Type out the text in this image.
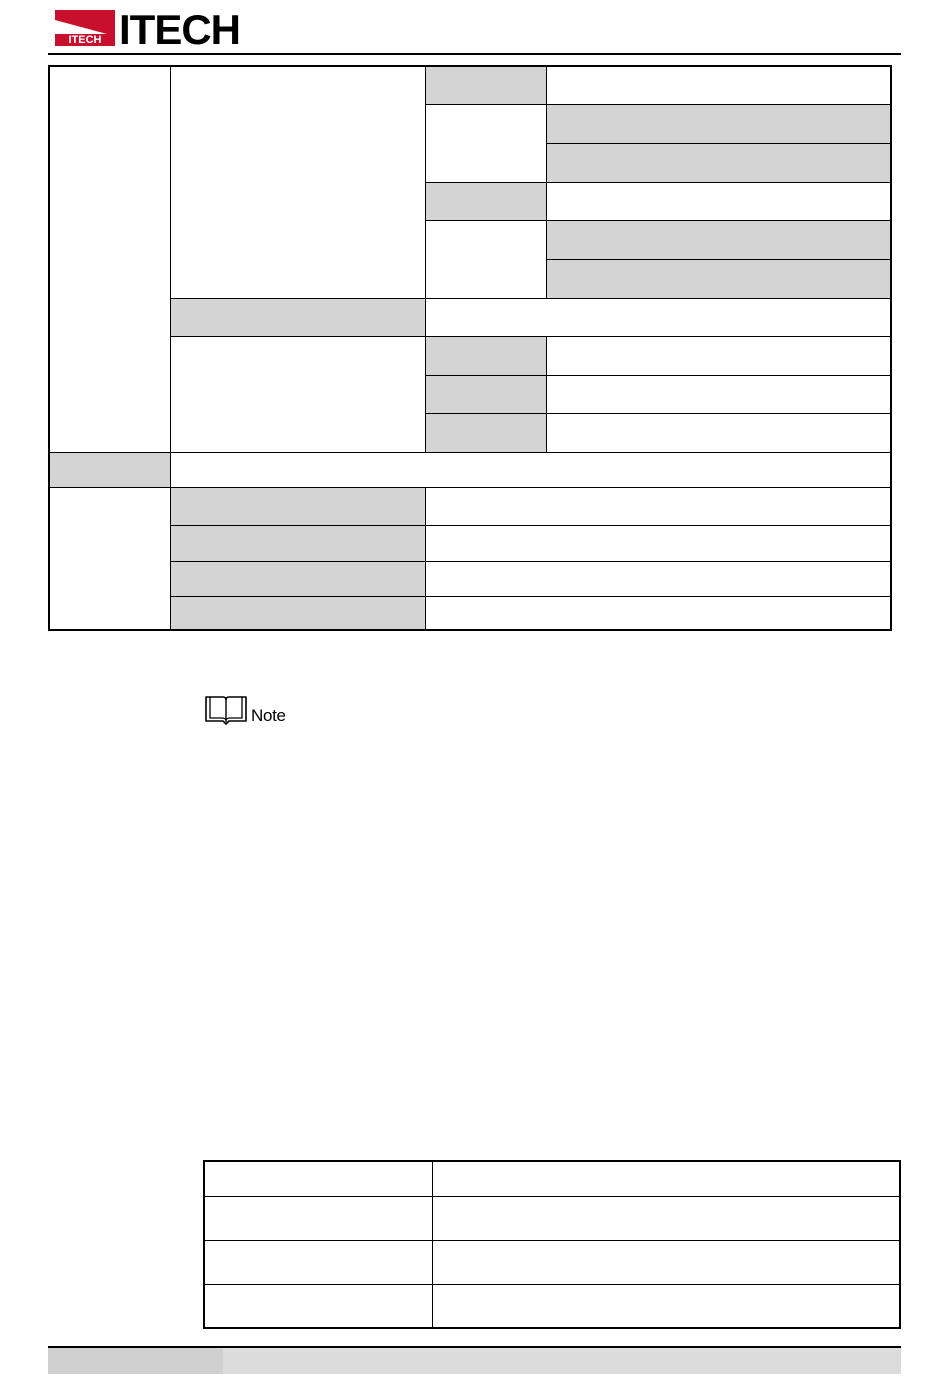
ITECH ITECH
Note
